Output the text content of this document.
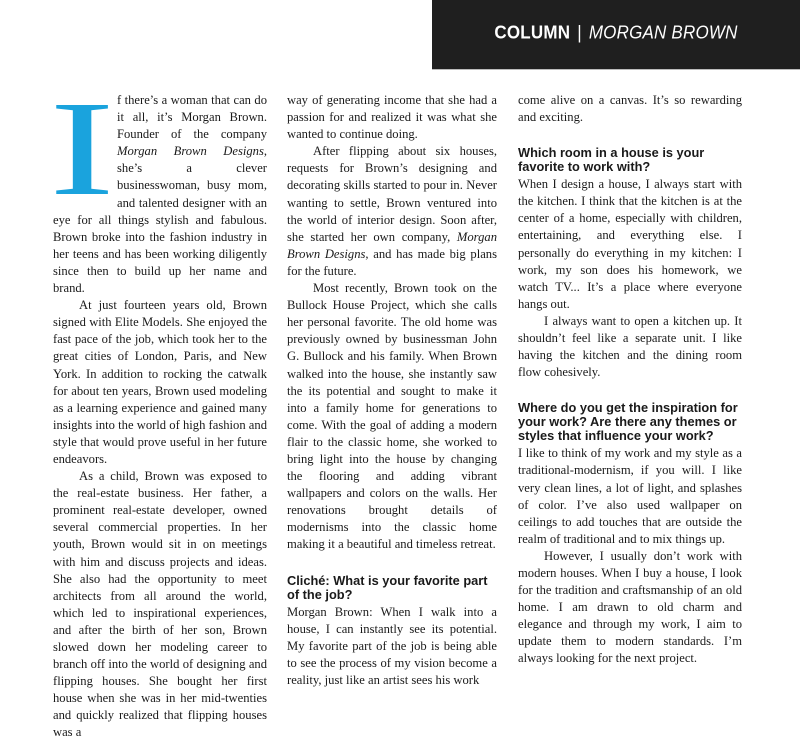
COLUMN | MORGAN BROWN
I f there’s a woman that can do it all, it’s Morgan Brown. Founder of the company Morgan Brown Designs, she’s a clever businesswoman, busy mom, and talented designer with an eye for all things stylish and fabulous. Brown broke into the fashion industry in her teens and has been working diligently since then to build up her name and brand.

At just fourteen years old, Brown signed with Elite Models. She enjoyed the fast pace of the job, which took her to the great cities of London, Paris, and New York. In addition to rocking the catwalk for about ten years, Brown used modeling as a learning experience and gained many insights into the world of high fashion and style that would prove useful in her future endeavors.

As a child, Brown was exposed to the real-estate business. Her father, a prominent real-estate developer, owned several commercial properties. In her youth, Brown would sit in on meetings with him and discuss projects and ideas. She also had the opportunity to meet architects from all around the world, which led to inspirational experiences, and after the birth of her son, Brown slowed down her modeling career to branch off into the world of designing and flipping houses. She bought her first house when she was in her mid-twenties and quickly realized that flipping houses was a

way of generating income that she had a passion for and realized it was what she wanted to continue doing.

After flipping about six houses, requests for Brown’s designing and decorating skills started to pour in. Never wanting to settle, Brown ventured into the world of interior design. Soon after, she started her own company, Morgan Brown Designs, and has made big plans for the future.

Most recently, Brown took on the Bullock House Project, which she calls her personal favorite. The old home was previously owned by businessman John G. Bullock and his family. When Brown walked into the house, she instantly saw the its potential and sought to make it into a family home for generations to come. With the goal of adding a modern flair to the classic home, she worked to bring light into the house by changing the flooring and adding vibrant wallpapers and colors on the walls. Her renovations brought details of modernisms into the classic home making it a beautiful and timeless retreat.

Cliché: What is your favorite part of the job?

Morgan Brown: When I walk into a house, I can instantly see its potential. My favorite part of the job is being able to see the process of my vision become a reality, just like an artist sees his work

come alive on a canvas. It’s so rewarding and exciting.

Which room in a house is your favorite to work with?

When I design a house, I always start with the kitchen. I think that the kitchen is at the center of a home, especially with children, entertaining, and everything else. I personally do everything in my kitchen: I work, my son does his homework, we watch TV... It’s a place where everyone hangs out.

I always want to open a kitchen up. It shouldn’t feel like a separate unit. I like having the kitchen and the dining room flow cohesively.

Where do you get the inspiration for your work? Are there any themes or styles that influence your work?

I like to think of my work and my style as a traditional-modernism, if you will. I like very clean lines, a lot of light, and splashes of color. I’ve also used wallpaper on ceilings to add touches that are outside the realm of traditional and to mix things up.

However, I usually don’t work with modern houses. When I buy a house, I look for the tradition and craftsmanship of an old home. I am drawn to old charm and elegance and through my work, I aim to update them to modern standards. I’m always looking for the next project.
